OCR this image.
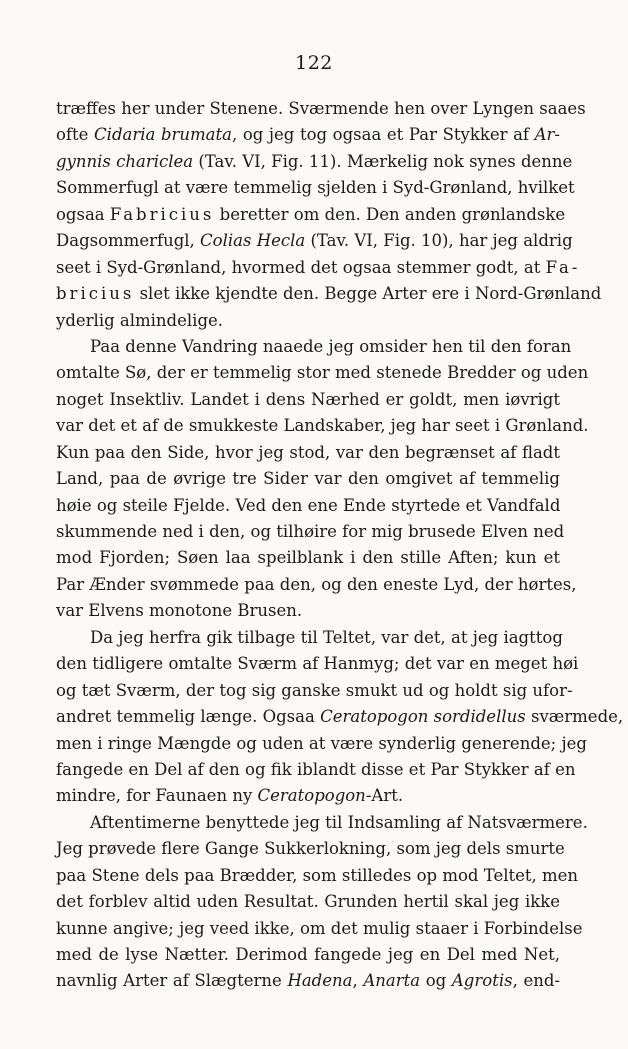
122
træffes her under Stenene. Sværmende hen over Lyngen saaes
ofte Cidaria brumata, og jeg tog ogsaa et Par Stykker af Ar-
gynnis chariclea (Tav. VI, Fig. 11). Mærkelig nok synes denne
Sommerfugl at være temmelig sjelden i Syd-Grønland, hvilket
ogsaa Fabricius beretter om den. Den anden grønlandske
Dagsommerfugl, Colias Hecla (Tav. VI, Fig. 10), har jeg aldrig
seet i Syd-Grønland, hvormed det ogsaa stemmer godt, at Fa-
bricius slet ikke kjendte den. Begge Arter ere i Nord-Grønland
yderlig almindelige.
Paa denne Vandring naaede jeg omsider hen til den foran
omtalte Sø, der er temmelig stor med stenede Bredder og uden
noget Insektliv. Landet i dens Nærhed er goldt, men iøvrigt
var det et af de smukkeste Landskaber, jeg har seet i Grønland.
Kun paa den Side, hvor jeg stod, var den begrænset af fladt
Land, paa de øvrige tre Sider var den omgivet af temmelig
høie og steile Fjelde. Ved den ene Ende styrtede et Vandfald
skummende ned i den, og tilhøire for mig brusede Elven ned
mod Fjorden; Søen laa speilblank i den stille Aften; kun et
Par Ænder svømmede paa den, og den eneste Lyd, der hørtes,
var Elvens monotone Brusen.
Da jeg herfra gik tilbage til Teltet, var det, at jeg iagttog
den tidligere omtalte Sværm af Hanmyg; det var en meget høi
og tæt Sværm, der tog sig ganske smukt ud og holdt sig ufor-
andret temmelig længe. Ogsaa Ceratopogon sordidellus sværmede,
men i ringe Mængde og uden at være synderlig generende; jeg
fangede en Del af den og fik iblandt disse et Par Stykker af en
mindre, for Faunaen ny Ceratopogon-Art.
Aftentimerne benyttede jeg til Indsamling af Natsværmere.
Jeg prøvede flere Gange Sukkerlokning, som jeg dels smurte
paa Stene dels paa Brædder, som stilledes op mod Teltet, men
det forblev altid uden Resultat. Grunden hertil skal jeg ikke
kunne angive; jeg veed ikke, om det mulig staaer i Forbindelse
med de lyse Nætter. Derimod fangede jeg en Del med Net,
navnlig Arter af Slægterne Hadena, Anarta og Agrotis, end-
